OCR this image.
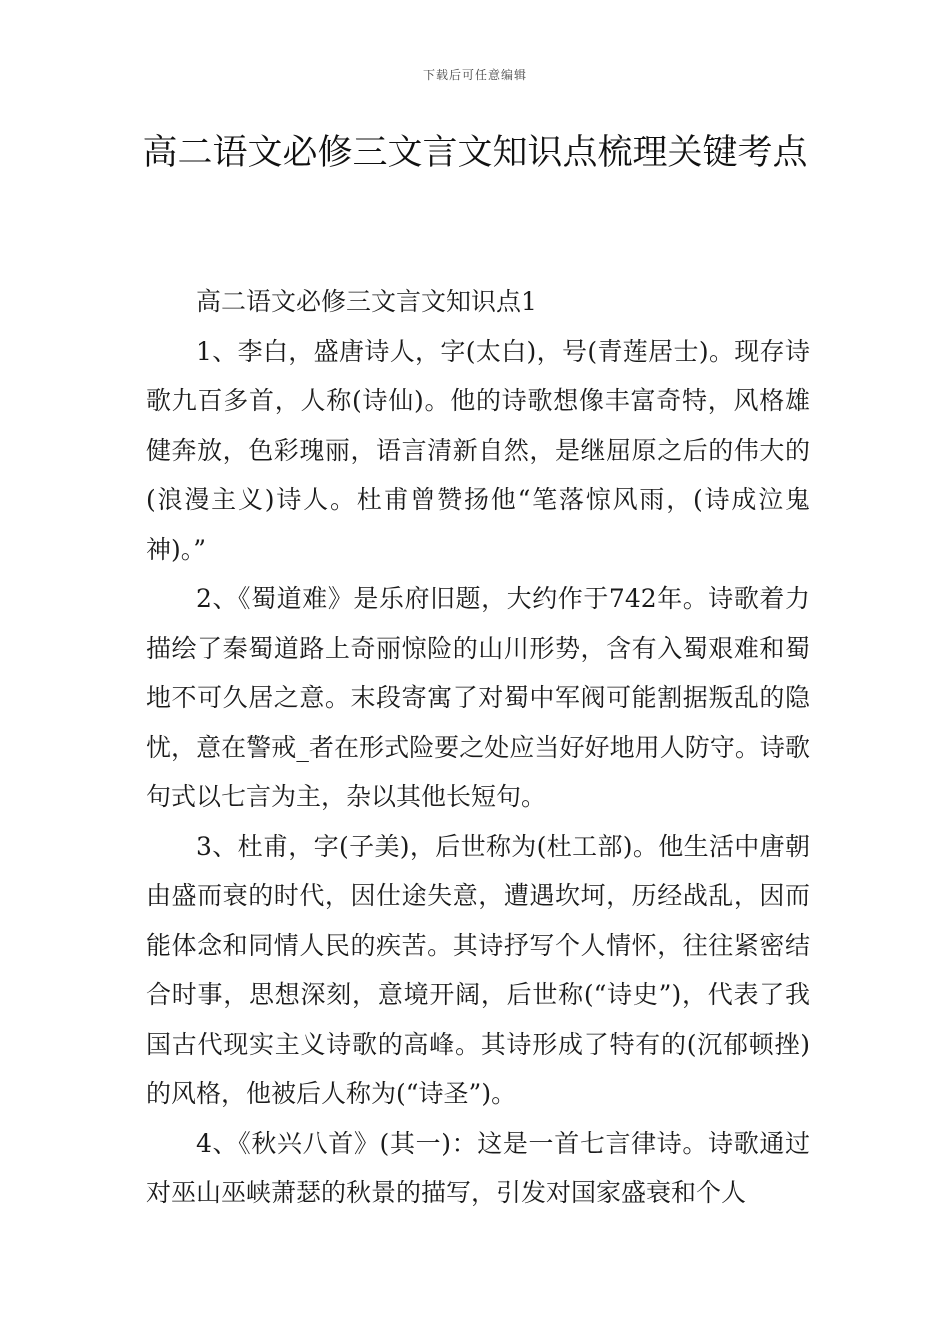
下载后可任意编辑
高二语文必修三文言文知识点梳理关键考点

高二语文必修三文言文知识点1

1、李白，盛唐诗人，字(太白)，号(青莲居士)。现存诗歌九百多首，人称(诗仙)。他的诗歌想像丰富奇特，风格雄健奔放，色彩瑰丽，语言清新自然，是继屈原之后的伟大的(浪漫主义)诗人。杜甫曾赞扬他“笔落惊风雨，(诗成泣鬼神)。”

2、《蜀道难》是乐府旧题，大约作于742年。诗歌着力描绘了秦蜀道路上奇丽惊险的山川形势，含有入蜀艰难和蜀地不可久居之意。末段寄寓了对蜀中军阀可能割据叛乱的隐忧，意在警戒_者在形式险要之处应当好好地用人防守。诗歌句式以七言为主，杂以其他长短句。

3、杜甫，字(子美)，后世称为(杜工部)。他生活中唐朝由盛而衰的时代，因仕途失意，遭遇坎坷，历经战乱，因而能体念和同情人民的疾苦。其诗抒写个人情怀，往往紧密结合时事，思想深刻，意境开阔，后世称(“诗史”)，代表了我国古代现实主义诗歌的高峰。其诗形成了特有的(沉郁顿挫)的风格，他被后人称为(“诗圣”)。

4、《秋兴八首》(其一)：这是一首七言律诗。诗歌通过对巫山巫峡萧瑟的秋景的描写，引发对国家盛衰和个人
